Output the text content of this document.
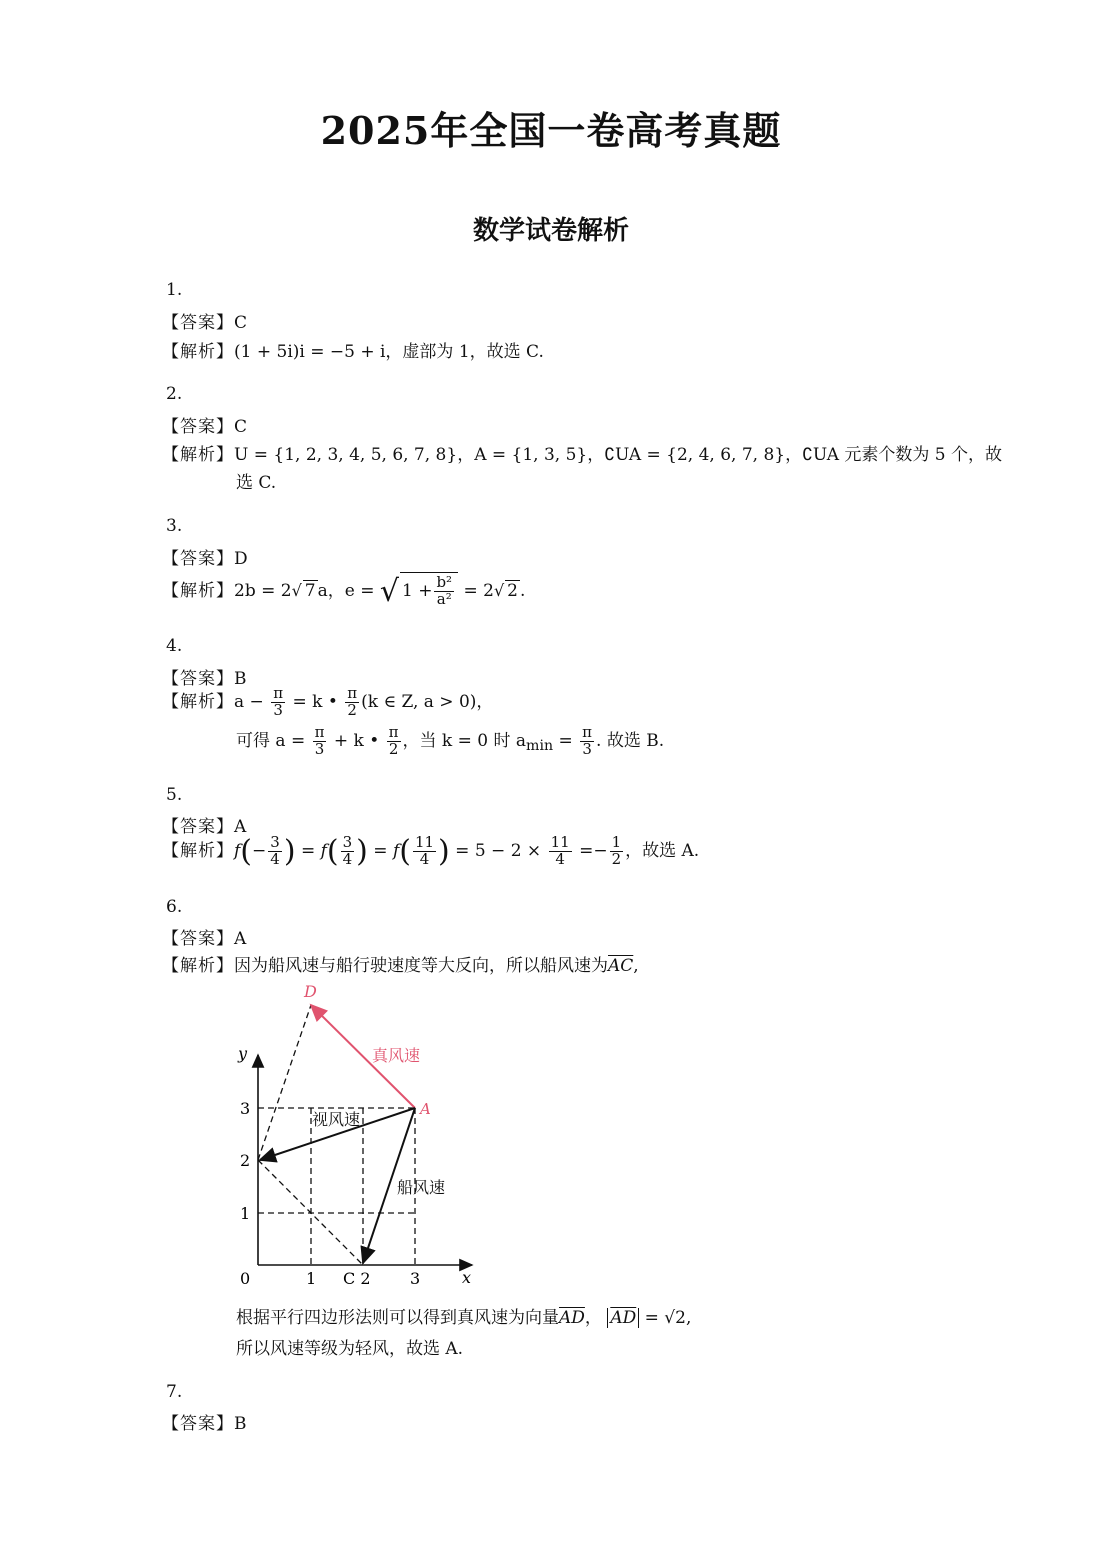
2025年全国一卷高考真题
数学试卷解析
1.
【答案】C
【解析】(1 + 5i)i = −5 + i，虚部为 1，故选 C.
2.
【答案】C
【解析】U = {1, 2, 3, 4, 5, 6, 7, 8}，A = {1, 3, 5}，∁UA = {2, 4, 6, 7, 8}，∁UA 元素个数为 5 个，故
选 C.
3.
【答案】D
【解析】2b = 2√ 7 a，e = √ $1 + \frac{\text{b²}}{\text{a²}} = 2√$ 2 .
4.
【答案】B
【解析】$a - \frac{\pi}{3} = k$ • $\frac{\pi}{2} (k$ ∈ Z, a > 0)，
可得 $a = \frac{\pi}{3} + k$ • $\frac{\pi}{2}$ ，当 k = 0 时 $a_{min} = \frac{\pi}{3}$ . 故选 B.
5.
【答案】A
【解析】$f(- \frac{3}{4}$ ) = $f( \frac{3}{4}$ ) = $f( \frac{11}{4}$ ) = $5 - 2 \times \frac{11}{4} =- \frac{1}{2}$ ，故选 A.
6.
【答案】A
【解析】因为船风速与船行驶速度等大反向，所以船风速为$\overline{AC}$,
D
A
真风速
视风速
船风速
y
x
0
3
2
1
1 C 2 3
根据平行四边形法则可以得到真风速为向量$\overline{AD}$， $\overline{AD} = √2$,
所以风速等级为轻风，故选 A.
7.
【答案】B
